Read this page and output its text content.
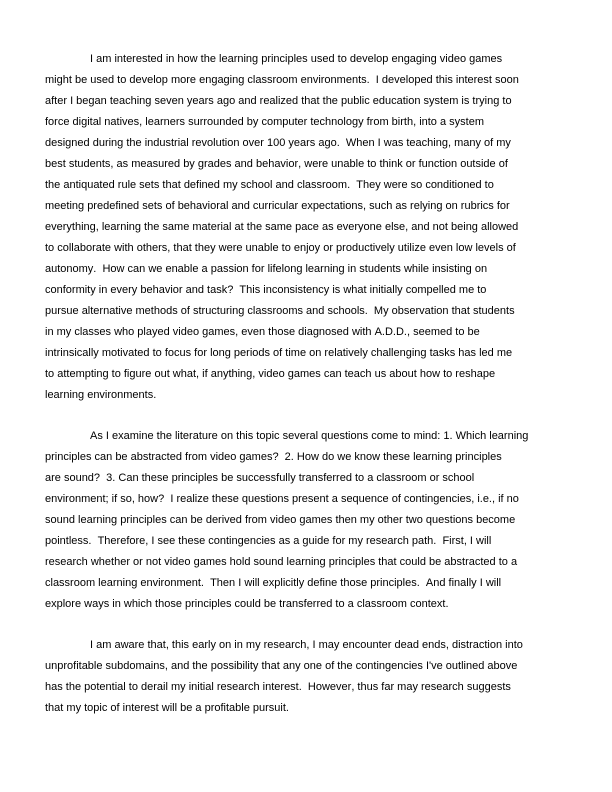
I am interested in how the learning principles used to develop engaging video games
might be used to develop more engaging classroom environments.  I developed this interest soon
after I began teaching seven years ago and realized that the public education system is trying to
force digital natives, learners surrounded by computer technology from birth, into a system
designed during the industrial revolution over 100 years ago.  When I was teaching, many of my
best students, as measured by grades and behavior, were unable to think or function outside of
the antiquated rule sets that defined my school and classroom.  They were so conditioned to
meeting predefined sets of behavioral and curricular expectations, such as relying on rubrics for
everything, learning the same material at the same pace as everyone else, and not being allowed
to collaborate with others, that they were unable to enjoy or productively utilize even low levels of
autonomy.  How can we enable a passion for lifelong learning in students while insisting on
conformity in every behavior and task?  This inconsistency is what initially compelled me to
pursue alternative methods of structuring classrooms and schools.  My observation that students
in my classes who played video games, even those diagnosed with A.D.D., seemed to be
intrinsically motivated to focus for long periods of time on relatively challenging tasks has led me
to attempting to figure out what, if anything, video games can teach us about how to reshape
learning environments.
As I examine the literature on this topic several questions come to mind: 1. Which learning
principles can be abstracted from video games?  2. How do we know these learning principles
are sound?  3. Can these principles be successfully transferred to a classroom or school
environment; if so, how?  I realize these questions present a sequence of contingencies, i.e., if no
sound learning principles can be derived from video games then my other two questions become
pointless.  Therefore, I see these contingencies as a guide for my research path.  First, I will
research whether or not video games hold sound learning principles that could be abstracted to a
classroom learning environment.  Then I will explicitly define those principles.  And finally I will
explore ways in which those principles could be transferred to a classroom context.
I am aware that, this early on in my research, I may encounter dead ends, distraction into
unprofitable subdomains, and the possibility that any one of the contingencies I've outlined above
has the potential to derail my initial research interest.  However, thus far may research suggests
that my topic of interest will be a profitable pursuit.
